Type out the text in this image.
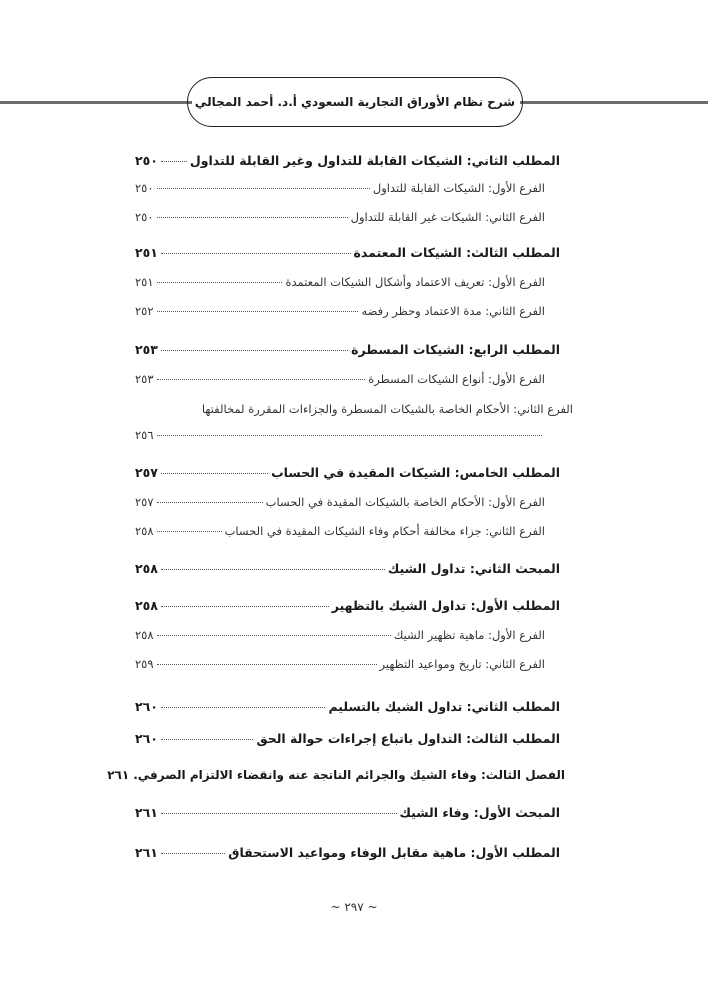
شرح نظام الأوراق التجارية السعودي أ.د. أحمد المجالي
المطلب الثاني: الشيكات القابلة للتداول وغير القابلة للتداول
٢٥٠
الفرع الأول: الشيكات القابلة للتداول
٢٥٠
الفرع الثاني: الشيكات غير القابلة للتداول
٢٥٠
المطلب الثالث: الشيكات المعتمدة
٢٥١
الفرع الأول: تعريف الاعتماد وأشكال الشيكات المعتمدة
٢٥١
الفرع الثاني: مدة الاعتماد وحظر رفضه
٢٥٢
المطلب الرابع: الشيكات المسطرة
٢٥٣
الفرع الأول: أنواع الشيكات المسطرة
٢٥٣
الفرع الثاني: الأحكام الخاصة بالشيكات المسطرة والجزاءات المقررة لمخالفتها
٢٥٦
المطلب الخامس: الشيكات المقيدة في الحساب
٢٥٧
الفرع الأول: الأحكام الخاصة بالشيكات المقيدة في الحساب
٢٥٧
الفرع الثاني: جزاء مخالفة أحكام وفاء الشيكات المقيدة في الحساب
٢٥٨
المبحث الثاني: تداول الشيك
٢٥٨
المطلب الأول: تداول الشيك بالتظهير
٢٥٨
الفرع الأول: ماهية تظهير الشيك
٢٥٨
الفرع الثاني: تاريخ ومواعيد التظهير
٢٥٩
المطلب الثاني: تداول الشيك بالتسليم
٢٦٠
المطلب الثالث: التداول باتباع إجراءات حوالة الحق
٢٦٠
الفصل الثالث: وفاء الشيك والجرائم الناتجة عنه وانقضاء الالتزام الصرفي.
٢٦١
المبحث الأول: وفاء الشيك
٢٦١
المطلب الأول: ماهية مقابل الوفاء ومواعيد الاستحقاق
٢٦١
~ ٢٩٧ ~
